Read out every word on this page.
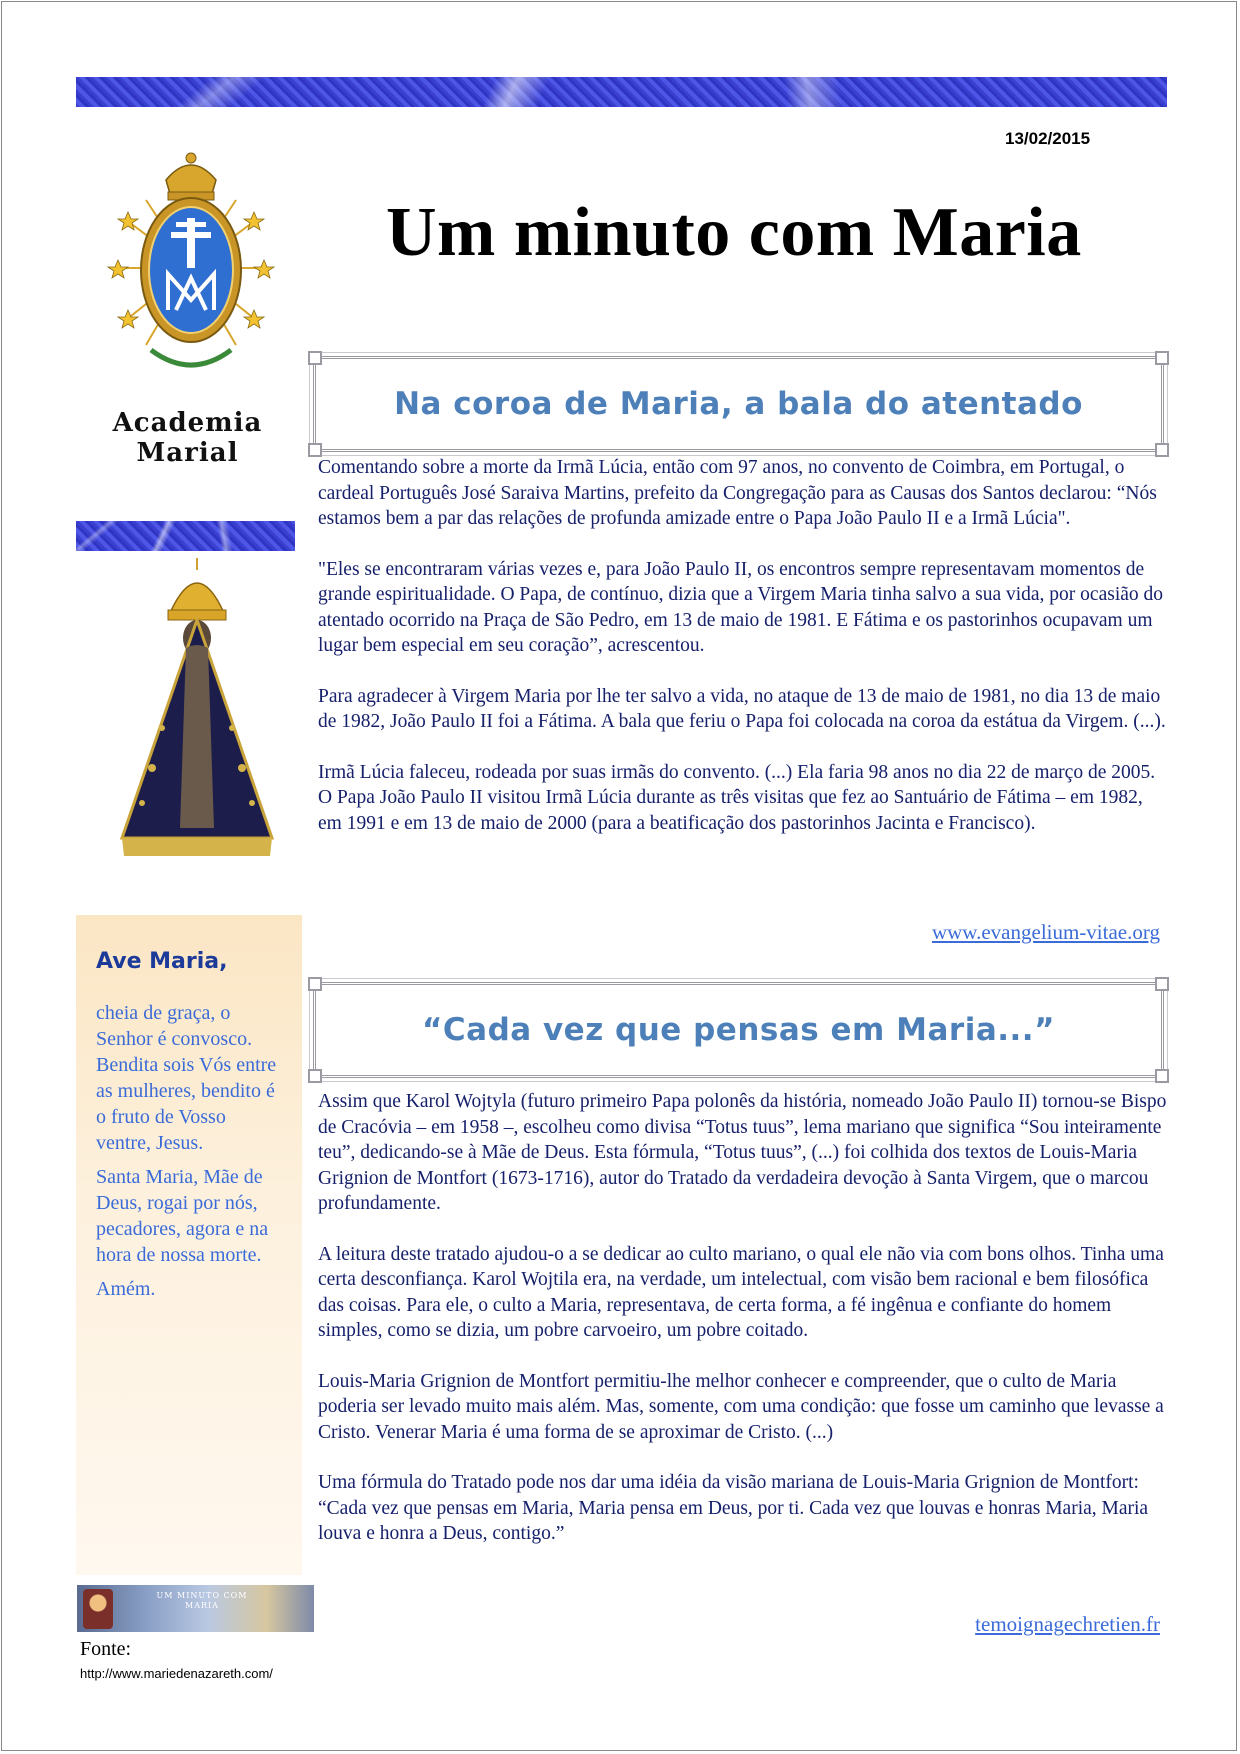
13/02/2015
Um minuto com Maria
Academia Marial
Ave Maria,

cheia de graça, o Senhor é convosco. Bendita sois Vós entre as mulheres, bendito é o fruto de Vosso ventre, Jesus.

Santa Maria, Mãe de Deus, rogai por nós, pecadores, agora e na hora de nossa morte.

Amém.

Na coroa de Maria, a bala do atentado

Comentando sobre a morte da Irmã Lúcia, então com 97 anos, no convento de Coimbra, em Portugal, o cardeal Português José Saraiva Martins, prefeito da Congregação para as Causas dos Santos declarou: “Nós estamos bem a par das relações de profunda amizade entre o Papa João Paulo II e a Irmã Lúcia".

"Eles se encontraram várias vezes e, para João Paulo II, os encontros sempre representavam momentos de grande espiritualidade. O Papa, de contínuo, dizia que a Virgem Maria tinha salvo a sua vida, por ocasião do atentado ocorrido na Praça de São Pedro, em 13 de maio de 1981. E Fátima e os pastorinhos ocupavam um lugar bem especial em seu coração”, acrescentou.

Para agradecer à Virgem Maria por lhe ter salvo a vida, no ataque de 13 de maio de 1981, no dia 13 de maio de 1982, João Paulo II foi a Fátima. A bala que feriu o Papa foi colocada na coroa da estátua da Virgem. (...).

Irmã Lúcia faleceu, rodeada por suas irmãs do convento. (...) Ela faria 98 anos no dia 22 de março de 2005. O Papa João Paulo II visitou Irmã Lúcia durante as três visitas que fez ao Santuário de Fátima – em 1982, em 1991 e em 13 de maio de 2000 (para a beatificação dos pastorinhos Jacinta e Francisco).

www.evangelium-vitae.org
“Cada vez que pensas em Maria...”

Assim que Karol Wojtyla (futuro primeiro Papa polonês da história, nomeado João Paulo II) tornou-se Bispo de Cracóvia – em 1958 –, escolheu como divisa “Totus tuus”, lema mariano que significa “Sou inteiramente teu”, dedicando-se à Mãe de Deus. Esta fórmula, “Totus tuus”, (...) foi colhida dos textos de Louis-Maria Grignion de Montfort (1673-1716), autor do Tratado da verdadeira devoção à Santa Virgem, que o marcou profundamente.

A leitura deste tratado ajudou-o a se dedicar ao culto mariano, o qual ele não via com bons olhos. Tinha uma certa desconfiança. Karol Wojtila era, na verdade, um intelectual, com visão bem racional e bem filosófica das coisas. Para ele, o culto a Maria, representava, de certa forma, a fé ingênua e confiante do homem simples, como se dizia, um pobre carvoeiro, um pobre coitado.

Louis-Maria Grignion de Montfort permitiu-lhe melhor conhecer e compreender, que o culto de Maria poderia ser levado muito mais além. Mas, somente, com uma condição: que fosse um caminho que levasse a Cristo. Venerar Maria é uma forma de se aproximar de Cristo. (...)

Uma fórmula do Tratado pode nos dar uma idéia da visão mariana de Louis-Maria Grignion de Montfort: “Cada vez que pensas em Maria, Maria pensa em Deus, por ti. Cada vez que louvas e honras Maria, Maria louva e honra a Deus, contigo.”

temoignagechretien.fr
UM MINUTO COM MARIA
Fonte:
http://www.mariedenazareth.com/
